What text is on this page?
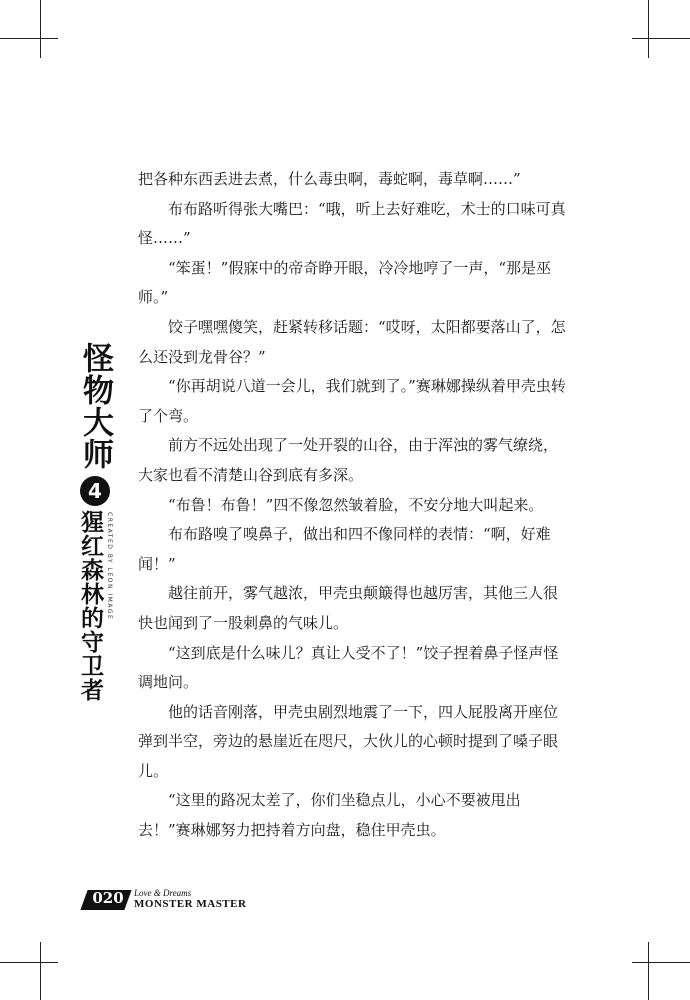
怪物大师
4
猩红森林的守卫者 CREATED BY LEON IMAGE

把各种东西丢进去煮，什么毒虫啊，毒蛇啊，毒草啊……”

布布路听得张大嘴巴：“哦，听上去好难吃，术士的口味可真怪……”

“笨蛋！”假寐中的帝奇睁开眼，冷冷地哼了一声，“那是巫师。”

饺子嘿嘿傻笑，赶紧转移话题：“哎呀，太阳都要落山了，怎么还没到龙骨谷？”

“你再胡说八道一会儿，我们就到了。”赛琳娜操纵着甲壳虫转了个弯。

前方不远处出现了一处开裂的山谷，由于浑浊的雾气缭绕，大家也看不清楚山谷到底有多深。

“布鲁！布鲁！”四不像忽然皱着脸，不安分地大叫起来。

布布路嗅了嗅鼻子，做出和四不像同样的表情：“啊，好难闻！”

越往前开，雾气越浓，甲壳虫颠簸得也越厉害，其他三人很快也闻到了一股刺鼻的气味儿。

“这到底是什么味儿？真让人受不了！”饺子捏着鼻子怪声怪调地问。

他的话音刚落，甲壳虫剧烈地震了一下，四人屁股离开座位弹到半空，旁边的悬崖近在咫尺，大伙儿的心顿时提到了嗓子眼儿。

“这里的路况太差了，你们坐稳点儿，小心不要被甩出去！”赛琳娜努力把持着方向盘，稳住甲壳虫。

020	Love & Dreams
MONSTER MASTER
